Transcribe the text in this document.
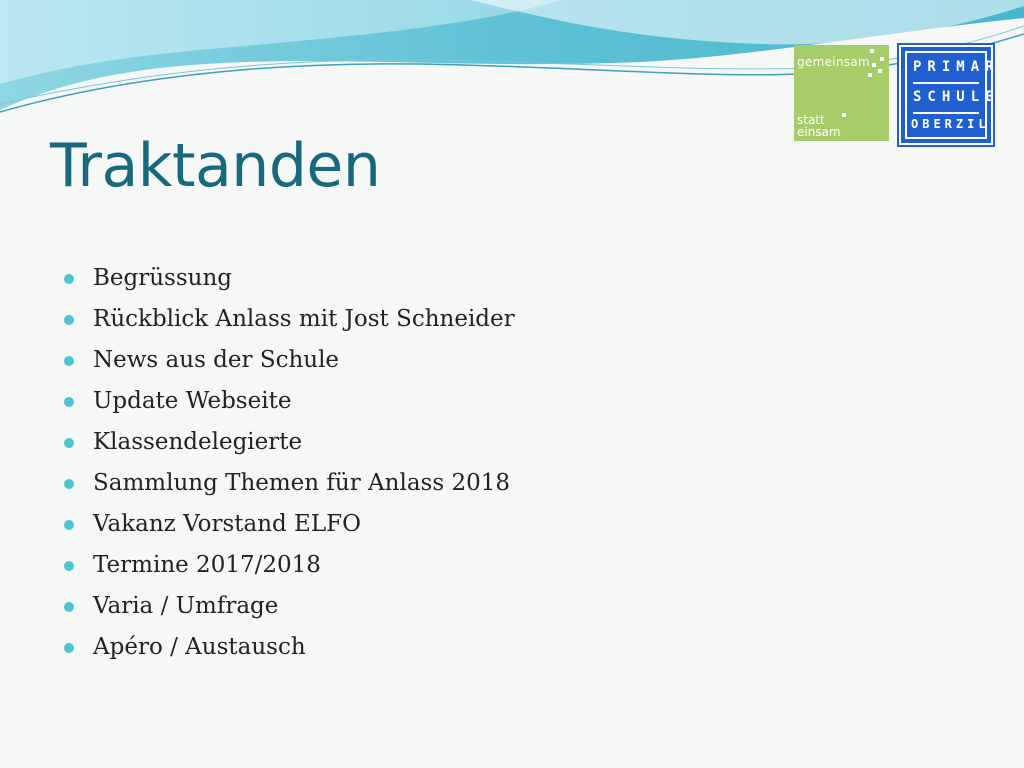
Traktanden
Begrüssung
Rückblick Anlass mit Jost Schneider
News aus der Schule
Update Webseite
Klassendelegierte
Sammlung Themen für Anlass 2018
Vakanz Vorstand ELFO
Termine 2017/2018
Varia / Umfrage
Apéro / Austausch
gemeinsam
statt
einsam
PRIMAR
SCHULE
OBERZIL
